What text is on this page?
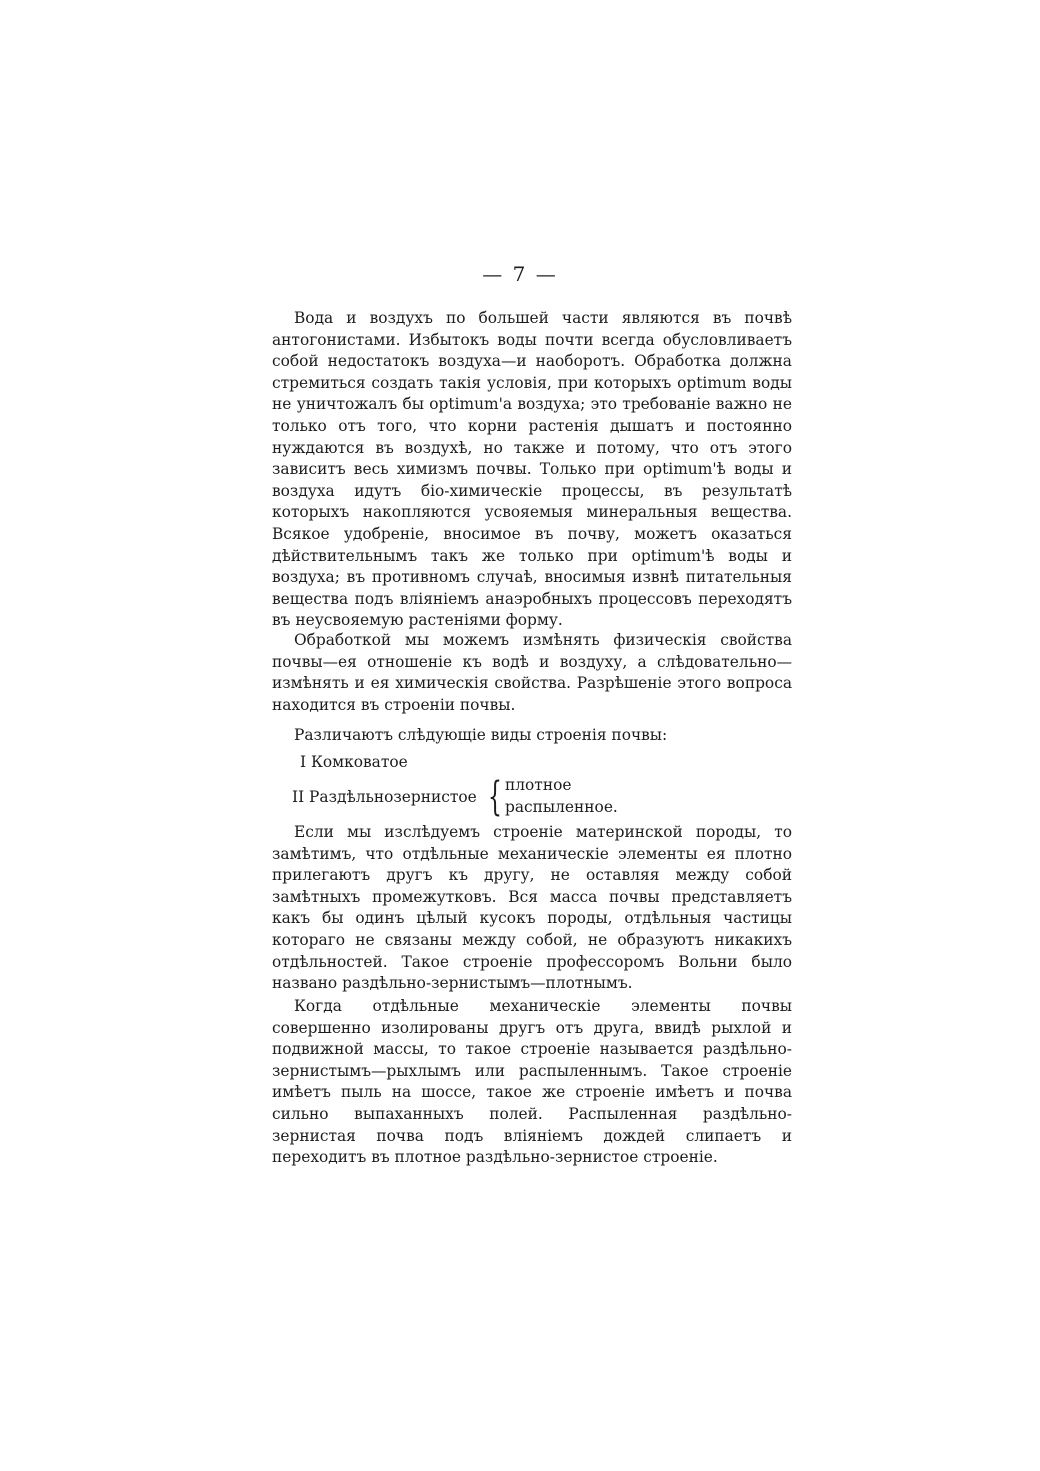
— 7 —

Вода и воздухъ по большей части являются въ почвѣ антогонистами. Избытокъ воды почти всегда обусловливаетъ собой недостатокъ воздуха—и наоборотъ. Обработка должна стремиться создать такія условія, при которыхъ optimum воды не уничтожалъ бы optimum'a воздуха; это требованіе важно не только отъ того, что корни растенія дышатъ и постоянно нуждаются въ воздухѣ, но также и потому, что отъ этого зависитъ весь химизмъ почвы. Только при optimum'ѣ воды и воздуха идутъ біо-химическіе процессы, въ результатѣ которыхъ накопляются усвояемыя минеральныя вещества. Всякое удобреніе, вносимое въ почву, можетъ оказаться дѣйствительнымъ такъ же только при optimum'ѣ воды и воздуха; въ противномъ случаѣ, вносимыя извнѣ питательныя вещества подъ вліяніемъ анаэробныхъ процессовъ переходятъ въ неусвояемую растеніями форму.

Обработкой мы можемъ измѣнять физическія свойства почвы—ея отношеніе къ водѣ и воздуху, а слѣдовательно—измѣнять и ея химическія свойства. Разрѣшеніе этого вопроса находится въ строеніи почвы.

Различаютъ слѣдующіе виды строенія почвы:

I Комковатое
II Раздѣльнозернистое { плотное
распыленное.

Если мы изслѣдуемъ строеніе материнской породы, то замѣтимъ, что отдѣльные механическіе элементы ея плотно прилегаютъ другъ къ другу, не оставляя между собой замѣтныхъ промежутковъ. Вся масса почвы представляетъ какъ бы одинъ цѣлый кусокъ породы, отдѣльныя частицы котораго не связаны между собой, не образуютъ никакихъ отдѣльностей. Такое строеніе профессоромъ Вольни было названо раздѣльно-зернистымъ—плотнымъ.

Когда отдѣльные механическіе элементы почвы совершенно изолированы другъ отъ друга, ввидѣ рыхлой и подвижной массы, то такое строеніе называется раздѣльно-зернистымъ—рыхлымъ или распыленнымъ. Такое строеніе имѣетъ пыль на шоссе, такое же строеніе имѣетъ и почва сильно выпаханныхъ полей. Распыленная раздѣльно-зернистая почва подъ вліяніемъ дождей слипаетъ и переходитъ въ плотное раздѣльно-зернистое строеніе.
